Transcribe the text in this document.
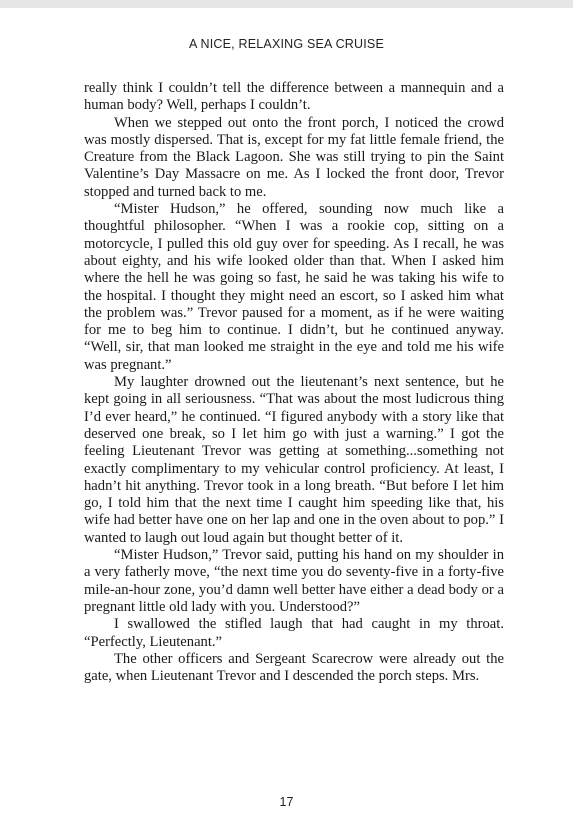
A NICE, RELAXING SEA CRUISE

really think I couldn’t tell the difference between a mannequin and a human body? Well, perhaps I couldn’t.

When we stepped out onto the front porch, I noticed the crowd was mostly dispersed. That is, except for my fat little female friend, the Creature from the Black Lagoon. She was still trying to pin the Saint Valentine’s Day Massacre on me. As I locked the front door, Trevor stopped and turned back to me.

“Mister Hudson,” he offered, sounding now much like a thoughtful philosopher. “When I was a rookie cop, sitting on a motorcycle, I pulled this old guy over for speeding. As I recall, he was about eighty, and his wife looked older than that. When I asked him where the hell he was going so fast, he said he was taking his wife to the hospital. I thought they might need an escort, so I asked him what the problem was.” Trevor paused for a moment, as if he were waiting for me to beg him to continue. I didn’t, but he continued anyway. “Well, sir, that man looked me straight in the eye and told me his wife was pregnant.”

My laughter drowned out the lieutenant’s next sentence, but he kept going in all seriousness. “That was about the most ludicrous thing I’d ever heard,” he continued. “I figured anybody with a story like that deserved one break, so I let him go with just a warning.” I got the feeling Lieutenant Trevor was getting at something...something not exactly complimentary to my vehicular control proficiency. At least, I hadn’t hit anything. Trevor took in a long breath. “But before I let him go, I told him that the next time I caught him speeding like that, his wife had better have one on her lap and one in the oven about to pop.” I wanted to laugh out loud again but thought better of it.

“Mister Hudson,” Trevor said, putting his hand on my shoulder in a very fatherly move, “the next time you do seventy-five in a forty-five mile-an-hour zone, you’d damn well better have either a dead body or a pregnant little old lady with you. Understood?”

I swallowed the stifled laugh that had caught in my throat. “Perfectly, Lieutenant.”

The other officers and Sergeant Scarecrow were already out the gate, when Lieutenant Trevor and I descended the porch steps. Mrs.

17
